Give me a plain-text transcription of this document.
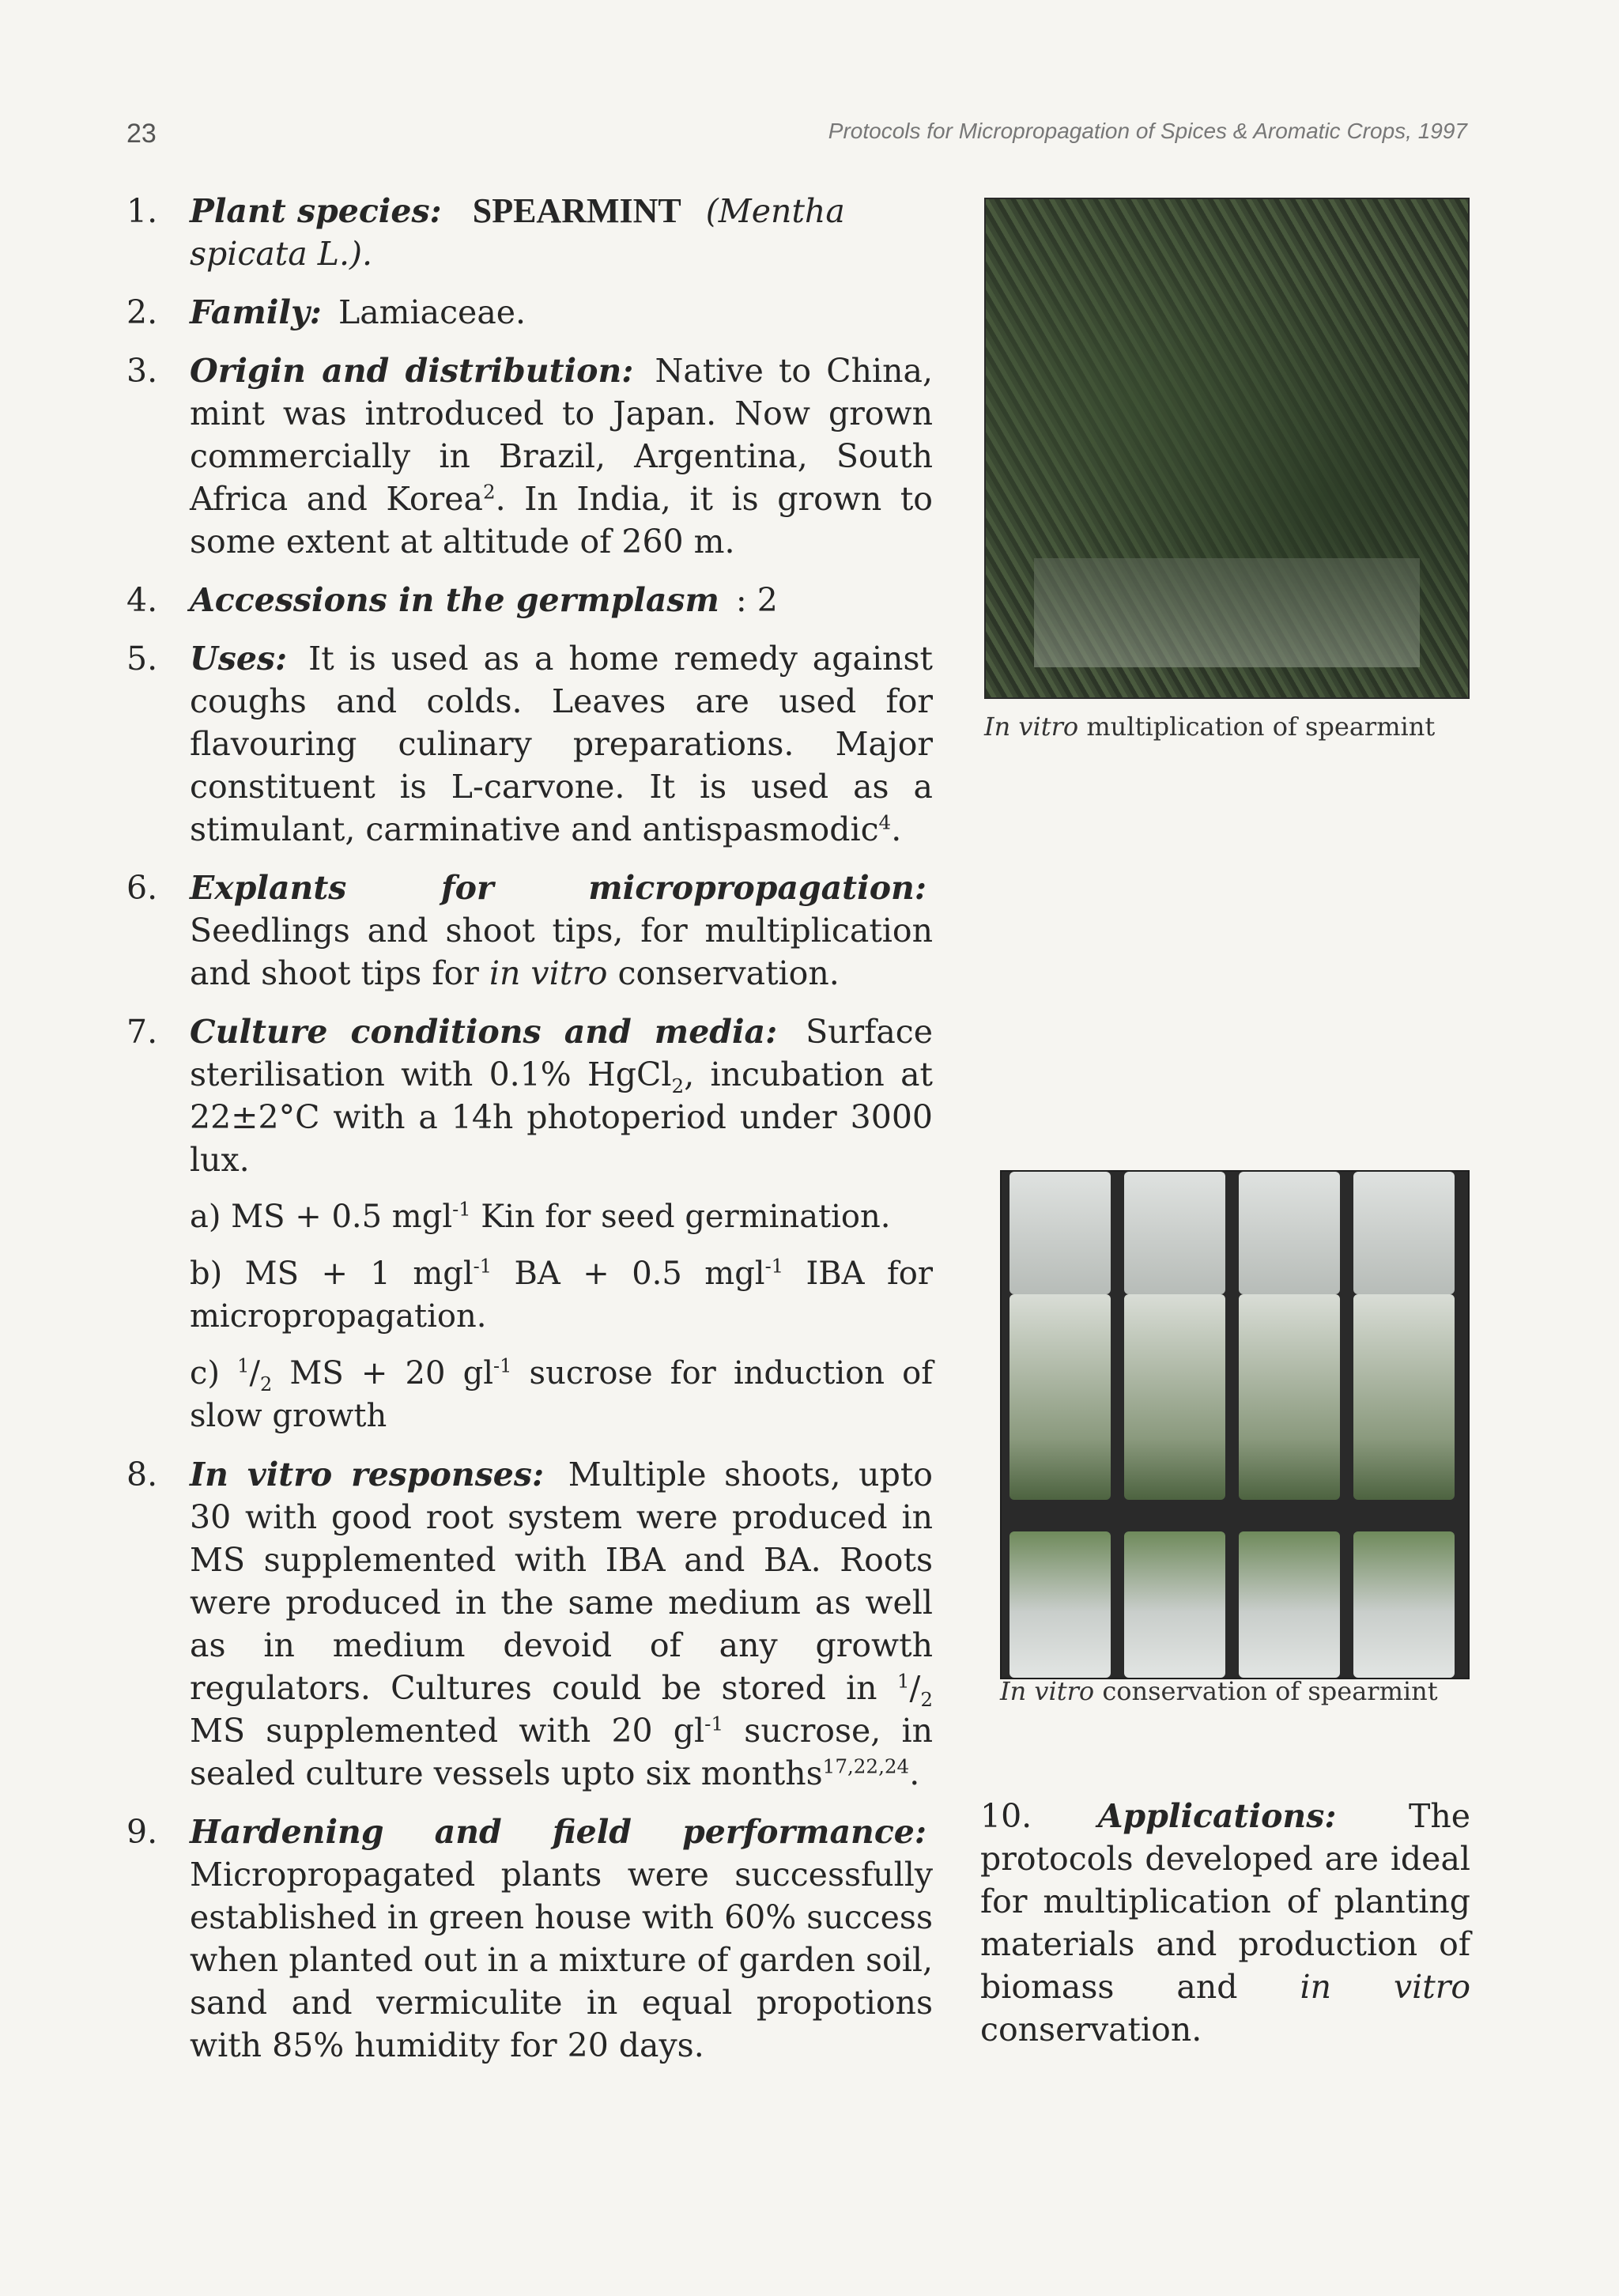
23	Protocols for Micropropagation of Spices & Aromatic Crops, 1997
1. Plant species: SPEARMINT (Mentha spicata L.).
2. Family: Lamiaceae.
3. Origin and distribution: Native to China, mint was introduced to Japan. Now grown commercially in Brazil, Argentina, South Africa and Korea$^2$. In India, it is grown to some extent at altitude of 260 m.
4. Accessions in the germplasm : 2
5. Uses: It is used as a home remedy against coughs and colds. Leaves are used for flavouring culinary preparations. Major constituent is L-carvone. It is used as a stimulant, carminative and antispasmodic$^4$.
6. Explants for micropropagation: Seedlings and shoot tips, for multiplication and shoot tips for in vitro conservation.
7. Culture conditions and media: Surface sterilisation with 0.1% HgCl$_2$, incubation at 22±2°C with a 14h photoperiod under 3000 lux.
a) MS + 0.5 mgl$^{-1}$ Kin for seed germination.
b) MS + 1 mgl$^{-1}$ BA + 0.5 mgl$^{-1}$ IBA for micropropagation.
c) $^1/_2$ MS + 20 $gl^{-1}$ sucrose for induction of slow growth
8. In vitro responses: Multiple shoots, upto 30 with good root system were produced in MS supplemented with IBA and BA. Roots were produced in the same medium as well as in medium devoid of any growth regulators. Cultures could be stored in $^1/_2$ MS supplemented with 20 $gl^{-1}$ sucrose, in sealed culture vessels upto six months$^{17,22,24}$.
9. Hardening and field performance: Micropropagated plants were successfully established in green house with 60% success when planted out in a mixture of garden soil, sand and vermiculite in equal propotions with 85% humidity for 20 days.
In vitro multiplication of spearmint
In vitro conservation of spearmint
10. Applications: The protocols developed are ideal for multiplication of planting materials and production of biomass and in vitro conservation.
